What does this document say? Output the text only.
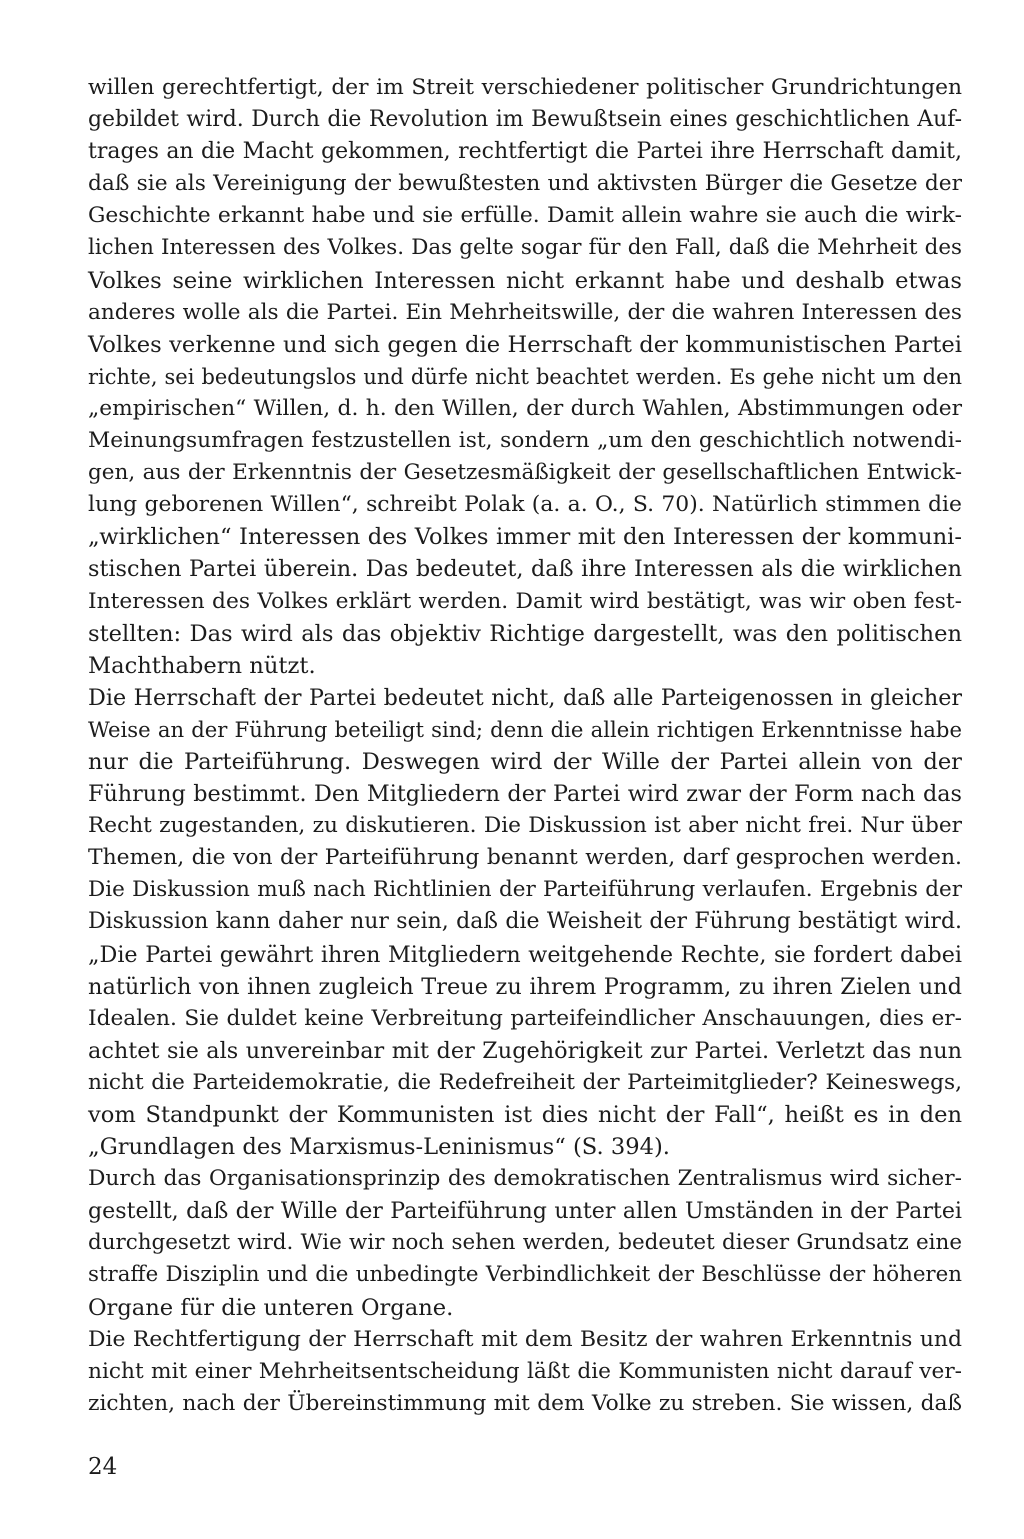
willen gerechtfertigt, der im Streit verschiedener politischer Grundrichtungen
gebildet wird. Durch die Revolution im Bewußtsein eines geschichtlichen Auf-
trages an die Macht gekommen, rechtfertigt die Partei ihre Herrschaft damit,
daß sie als Vereinigung der bewußtesten und aktivsten Bürger die Gesetze der
Geschichte erkannt habe und sie erfülle. Damit allein wahre sie auch die wirk-
lichen Interessen des Volkes. Das gelte sogar für den Fall, daß die Mehrheit des
Volkes seine wirklichen Interessen nicht erkannt habe und deshalb etwas
anderes wolle als die Partei. Ein Mehrheitswille, der die wahren Interessen des
Volkes verkenne und sich gegen die Herrschaft der kommunistischen Partei
richte, sei bedeutungslos und dürfe nicht beachtet werden. Es gehe nicht um den
„empirischen“ Willen, d. h. den Willen, der durch Wahlen, Abstimmungen oder
Meinungsumfragen festzustellen ist, sondern „um den geschichtlich notwendi-
gen, aus der Erkenntnis der Gesetzesmäßigkeit der gesellschaftlichen Entwick-
lung geborenen Willen“, schreibt Polak (a. a. O., S. 70). Natürlich stimmen die
„wirklichen“ Interessen des Volkes immer mit den Interessen der kommuni-
stischen Partei überein. Das bedeutet, daß ihre Interessen als die wirklichen
Interessen des Volkes erklärt werden. Damit wird bestätigt, was wir oben fest-
stellten: Das wird als das objektiv Richtige dargestellt, was den politischen
Machthabern nützt.
Die Herrschaft der Partei bedeutet nicht, daß alle Parteigenossen in gleicher
Weise an der Führung beteiligt sind; denn die allein richtigen Erkenntnisse habe
nur die Parteiführung. Deswegen wird der Wille der Partei allein von der
Führung bestimmt. Den Mitgliedern der Partei wird zwar der Form nach das
Recht zugestanden, zu diskutieren. Die Diskussion ist aber nicht frei. Nur über
Themen, die von der Parteiführung benannt werden, darf gesprochen werden.
Die Diskussion muß nach Richtlinien der Parteiführung verlaufen. Ergebnis der
Diskussion kann daher nur sein, daß die Weisheit der Führung bestätigt wird.
„Die Partei gewährt ihren Mitgliedern weitgehende Rechte, sie fordert dabei
natürlich von ihnen zugleich Treue zu ihrem Programm, zu ihren Zielen und
Idealen. Sie duldet keine Verbreitung parteifeindlicher Anschauungen, dies er-
achtet sie als unvereinbar mit der Zugehörigkeit zur Partei. Verletzt das nun
nicht die Parteidemokratie, die Redefreiheit der Parteimitglieder? Keineswegs,
vom Standpunkt der Kommunisten ist dies nicht der Fall“, heißt es in den
„Grundlagen des Marxismus-Leninismus“ (S. 394).
Durch das Organisationsprinzip des demokratischen Zentralismus wird sicher-
gestellt, daß der Wille der Parteiführung unter allen Umständen in der Partei
durchgesetzt wird. Wie wir noch sehen werden, bedeutet dieser Grundsatz eine
straffe Disziplin und die unbedingte Verbindlichkeit der Beschlüsse der höheren
Organe für die unteren Organe.
Die Rechtfertigung der Herrschaft mit dem Besitz der wahren Erkenntnis und
nicht mit einer Mehrheitsentscheidung läßt die Kommunisten nicht darauf ver-
zichten, nach der Übereinstimmung mit dem Volke zu streben. Sie wissen, daß
24
